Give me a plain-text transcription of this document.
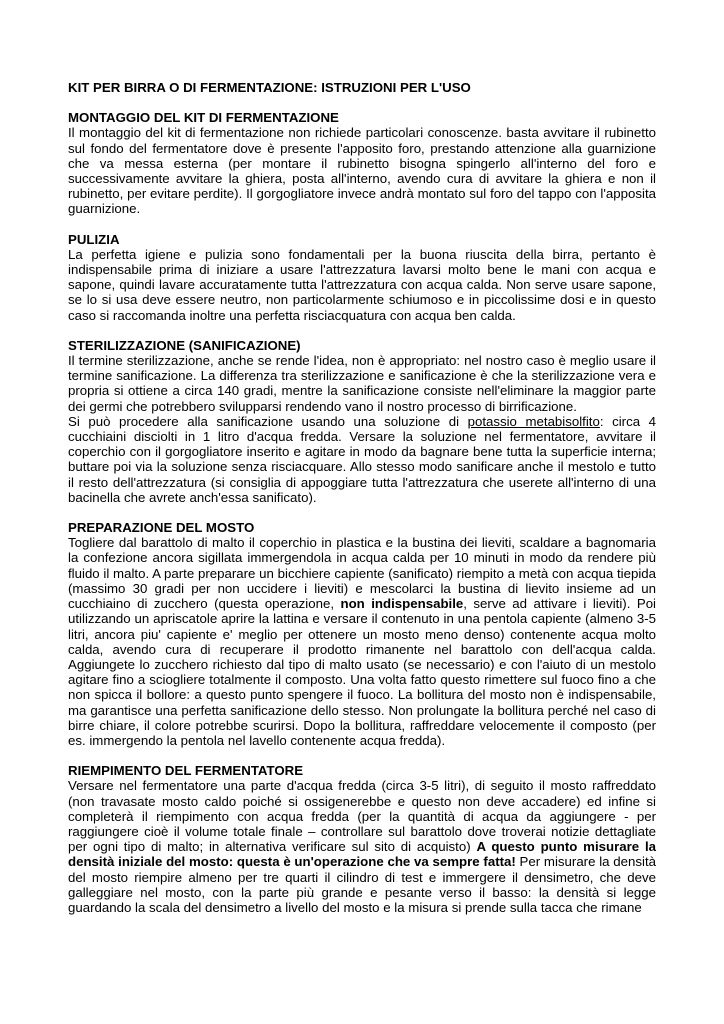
KIT PER BIRRA O DI FERMENTAZIONE: ISTRUZIONI PER L'USO
MONTAGGIO DEL KIT DI FERMENTAZIONE

Il montaggio del kit di fermentazione non richiede particolari conoscenze. basta avvitare il rubinetto sul fondo del fermentatore dove è presente l'apposito foro, prestando attenzione alla guarnizione che va messa esterna (per montare il rubinetto bisogna spingerlo all'interno del foro e successivamente avvitare la ghiera, posta all'interno, avendo cura di avvitare la ghiera e non il rubinetto, per evitare perdite). Il gorgogliatore invece andrà montato sul foro del tappo con l'apposita guarnizione.

PULIZIA

La perfetta igiene e pulizia sono fondamentali per la buona riuscita della birra, pertanto è indispensabile prima di iniziare a usare l'attrezzatura lavarsi molto bene le mani con acqua e sapone, quindi lavare accuratamente tutta l'attrezzatura con acqua calda. Non serve usare sapone, se lo si usa deve essere neutro, non particolarmente schiumoso e in piccolissime dosi e in questo caso si raccomanda inoltre una perfetta risciacquatura con acqua ben calda.

STERILIZZAZIONE (SANIFICAZIONE)

Il termine sterilizzazione, anche se rende l'idea, non è appropriato: nel nostro caso è meglio usare il termine sanificazione. La differenza tra sterilizzazione e sanificazione è che la sterilizzazione vera e propria si ottiene a circa 140 gradi, mentre la sanificazione consiste nell'eliminare la maggior parte dei germi che potrebbero svilupparsi rendendo vano il nostro processo di birrificazione.

Si può procedere alla sanificazione usando una soluzione di potassio metabisolfito: circa 4 cucchiaini disciolti in 1 litro d'acqua fredda. Versare la soluzione nel fermentatore, avvitare il coperchio con il gorgogliatore inserito e agitare in modo da bagnare bene tutta la superficie interna; buttare poi via la soluzione senza risciacquare. Allo stesso modo sanificare anche il mestolo e tutto il resto dell'attrezzatura (si consiglia di appoggiare tutta l'attrezzatura che userete all'interno di una bacinella che avrete anch'essa sanificato).

PREPARAZIONE DEL MOSTO

Togliere dal barattolo di malto il coperchio in plastica e la bustina dei lieviti, scaldare a bagnomaria la confezione ancora sigillata immergendola in acqua calda per 10 minuti in modo da rendere più fluido il malto. A parte preparare un bicchiere capiente (sanificato) riempito a metà con acqua tiepida (massimo 30 gradi per non uccidere i lieviti) e mescolarci la bustina di lievito insieme ad un cucchiaino di zucchero (questa operazione, non indispensabile, serve ad attivare i lieviti). Poi utilizzando un apriscatole aprire la lattina e versare il contenuto in una pentola capiente (almeno 3-5 litri, ancora piu' capiente e' meglio per ottenere un mosto meno denso) contenente acqua molto calda, avendo cura di recuperare il prodotto rimanente nel barattolo con dell'acqua calda. Aggiungete lo zucchero richiesto dal tipo di malto usato (se necessario) e con l'aiuto di un mestolo agitare fino a sciogliere totalmente il composto. Una volta fatto questo rimettere sul fuoco fino a che non spicca il bollore: a questo punto spengere il fuoco. La bollitura del mosto non è indispensabile, ma garantisce una perfetta sanificazione dello stesso. Non prolungate la bollitura perché nel caso di birre chiare, il colore potrebbe scurirsi. Dopo la bollitura, raffreddare velocemente il composto (per es. immergendo la pentola nel lavello contenente acqua fredda).

RIEMPIMENTO DEL FERMENTATORE

Versare nel fermentatore una parte d'acqua fredda (circa 3-5 litri), di seguito il mosto raffreddato (non travasate mosto caldo poiché si ossigenerebbe e questo non deve accadere) ed infine si completerà il riempimento con acqua fredda (per la quantità di acqua da aggiungere - per raggiungere cioè il volume totale finale – controllare sul barattolo dove troverai notizie dettagliate per ogni tipo di malto; in alternativa verificare sul sito di acquisto) A questo punto misurare la densità iniziale del mosto: questa è un'operazione che va sempre fatta! Per misurare la densità del mosto riempire almeno per tre quarti il cilindro di test e immergere il densimetro, che deve galleggiare nel mosto, con la parte più grande e pesante verso il basso: la densità si legge guardando la scala del densimetro a livello del mosto e la misura si prende sulla tacca che rimane
